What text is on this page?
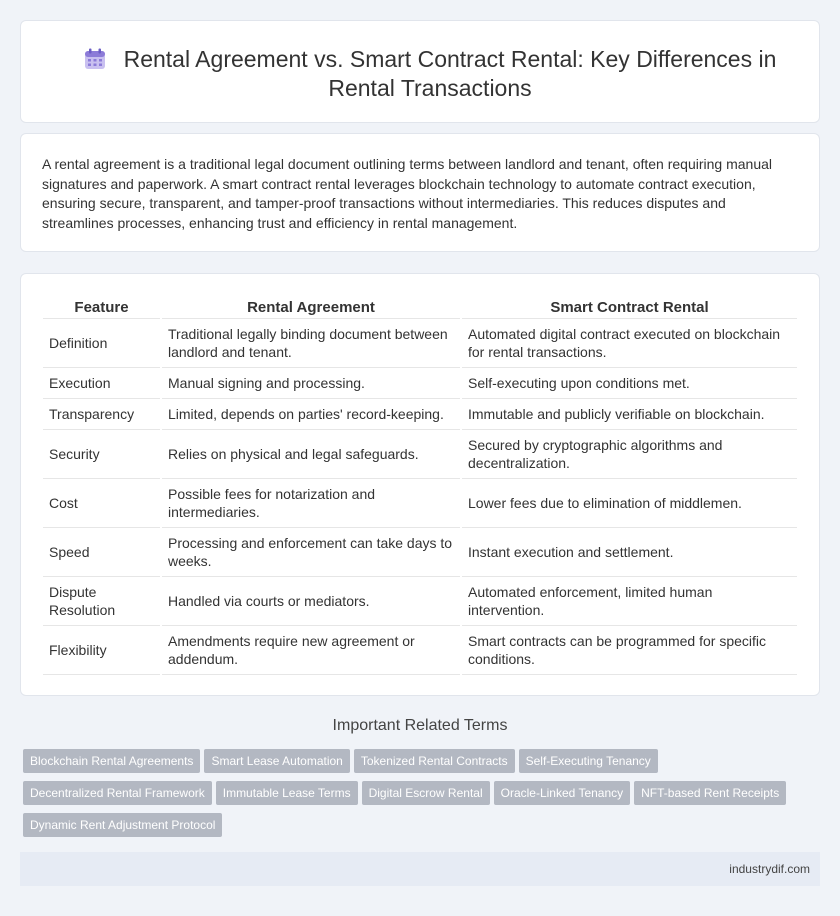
Rental Agreement vs. Smart Contract Rental: Key Differences in Rental Transactions

A rental agreement is a traditional legal document outlining terms between landlord and tenant, often requiring manual signatures and paperwork. A smart contract rental leverages blockchain technology to automate contract execution, ensuring secure, transparent, and tamper-proof transactions without intermediaries. This reduces disputes and streamlines processes, enhancing trust and efficiency in rental management.

Feature	Rental Agreement	Smart Contract Rental
Definition	Traditional legally binding document between landlord and tenant.	Automated digital contract executed on blockchain for rental transactions.
Execution	Manual signing and processing.	Self-executing upon conditions met.
Transparency	Limited, depends on parties' record-keeping.	Immutable and publicly verifiable on blockchain.
Security	Relies on physical and legal safeguards.	Secured by cryptographic algorithms and decentralization.
Cost	Possible fees for notarization and intermediaries.	Lower fees due to elimination of middlemen.
Speed	Processing and enforcement can take days to weeks.	Instant execution and settlement.
Dispute Resolution	Handled via courts or mediators.	Automated enforcement, limited human intervention.
Flexibility	Amendments require new agreement or addendum.	Smart contracts can be programmed for specific conditions.
Important Related Terms
Blockchain Rental Agreements Smart Lease Automation Tokenized Rental Contracts Self-Executing Tenancy
Decentralized Rental Framework Immutable Lease Terms Digital Escrow Rental Oracle-Linked Tenancy NFT-based Rent Receipts
Dynamic Rent Adjustment Protocol
industrydif.com
